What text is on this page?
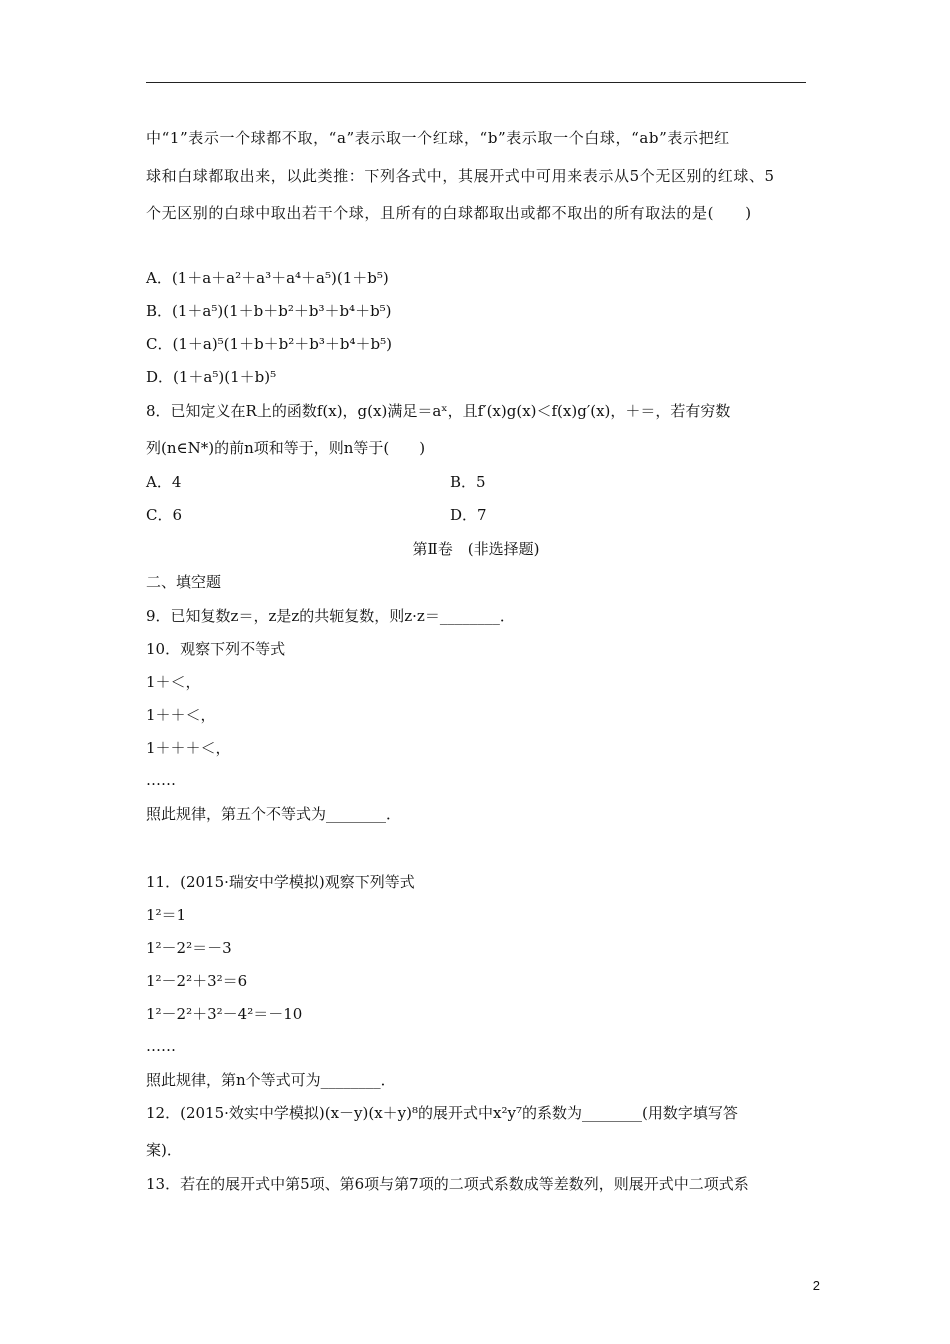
中“1”表示一个球都不取，“a”表示取一个红球，“b”表示取一个白球，“ab”表示把红
球和白球都取出来，以此类推：下列各式中，其展开式中可用来表示从5个无区别的红球、5
个无区别的白球中取出若干个球，且所有的白球都取出或都不取出的所有取法的是(　　)
A．(1＋a＋a²＋a³＋a⁴＋a⁵)(1＋b⁵)
B．(1＋a⁵)(1＋b＋b²＋b³＋b⁴＋b⁵)
C．(1＋a)⁵(1＋b＋b²＋b³＋b⁴＋b⁵)
D．(1＋a⁵)(1＋b)⁵
8．已知定义在R上的函数f(x)，g(x)满足＝aˣ，且f′(x)g(x)＜f(x)g′(x)，＋＝，若有穷数
列(n∈N*)的前n项和等于，则n等于(　　)
A．4	B．5
C．6	D．7
第Ⅱ卷　(非选择题)
二、填空题
9．已知复数z＝，z是z的共轭复数，则z·z＝________．
10．观察下列不等式
1＋＜，
1＋＋＜，
1＋＋＋＜，
……
照此规律，第五个不等式为________．
11．(2015·瑞安中学模拟)观察下列等式
1²＝1
1²－2²＝－3
1²－2²＋3²＝6
1²－2²＋3²－4²＝－10
……
照此规律，第n个等式可为________．
12．(2015·效实中学模拟)(x－y)(x＋y)⁸的展开式中x²y⁷的系数为________(用数字填写答
案)．
13．若在的展开式中第5项、第6项与第7项的二项式系数成等差数列，则展开式中二项式系
2
